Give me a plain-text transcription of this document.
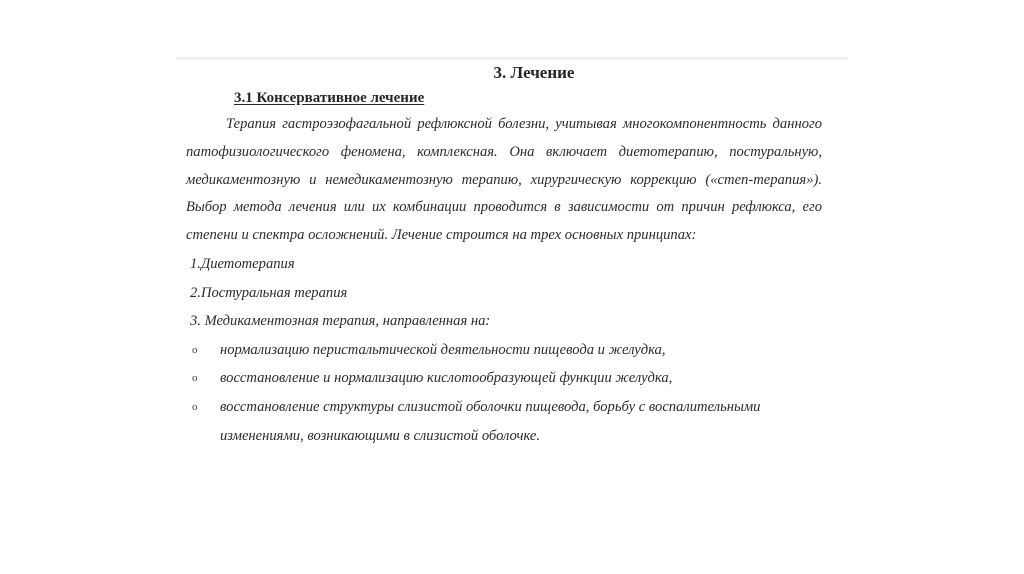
3. Лечение

3.1 Консервативное лечение

Терапия гастроэзофагальной рефлюксной болезни, учитывая многокомпонентность данного патофизиологического феномена, комплексная. Она включает диетотерапию, постуральную, медикаментозную и немедикаментозную терапию, хирургическую коррекцию («степ-терапия»). Выбор метода лечения или их комбинации проводится в зависимости от причин рефлюкса, его степени и спектра осложнений. Лечение строится на трех основных принципах:

1.Диетотерапия

2.Постуральная терапия

3. Медикаментозная терапия, направленная на:

o нормализацию перистальтической деятельности пищевода и желудка,
o восстановление и нормализацию кислотообразующей функции желудка,
o восстановление структуры слизистой оболочки пищевода, борьбу с воспалительными изменениями, возникающими в слизистой оболочке.
